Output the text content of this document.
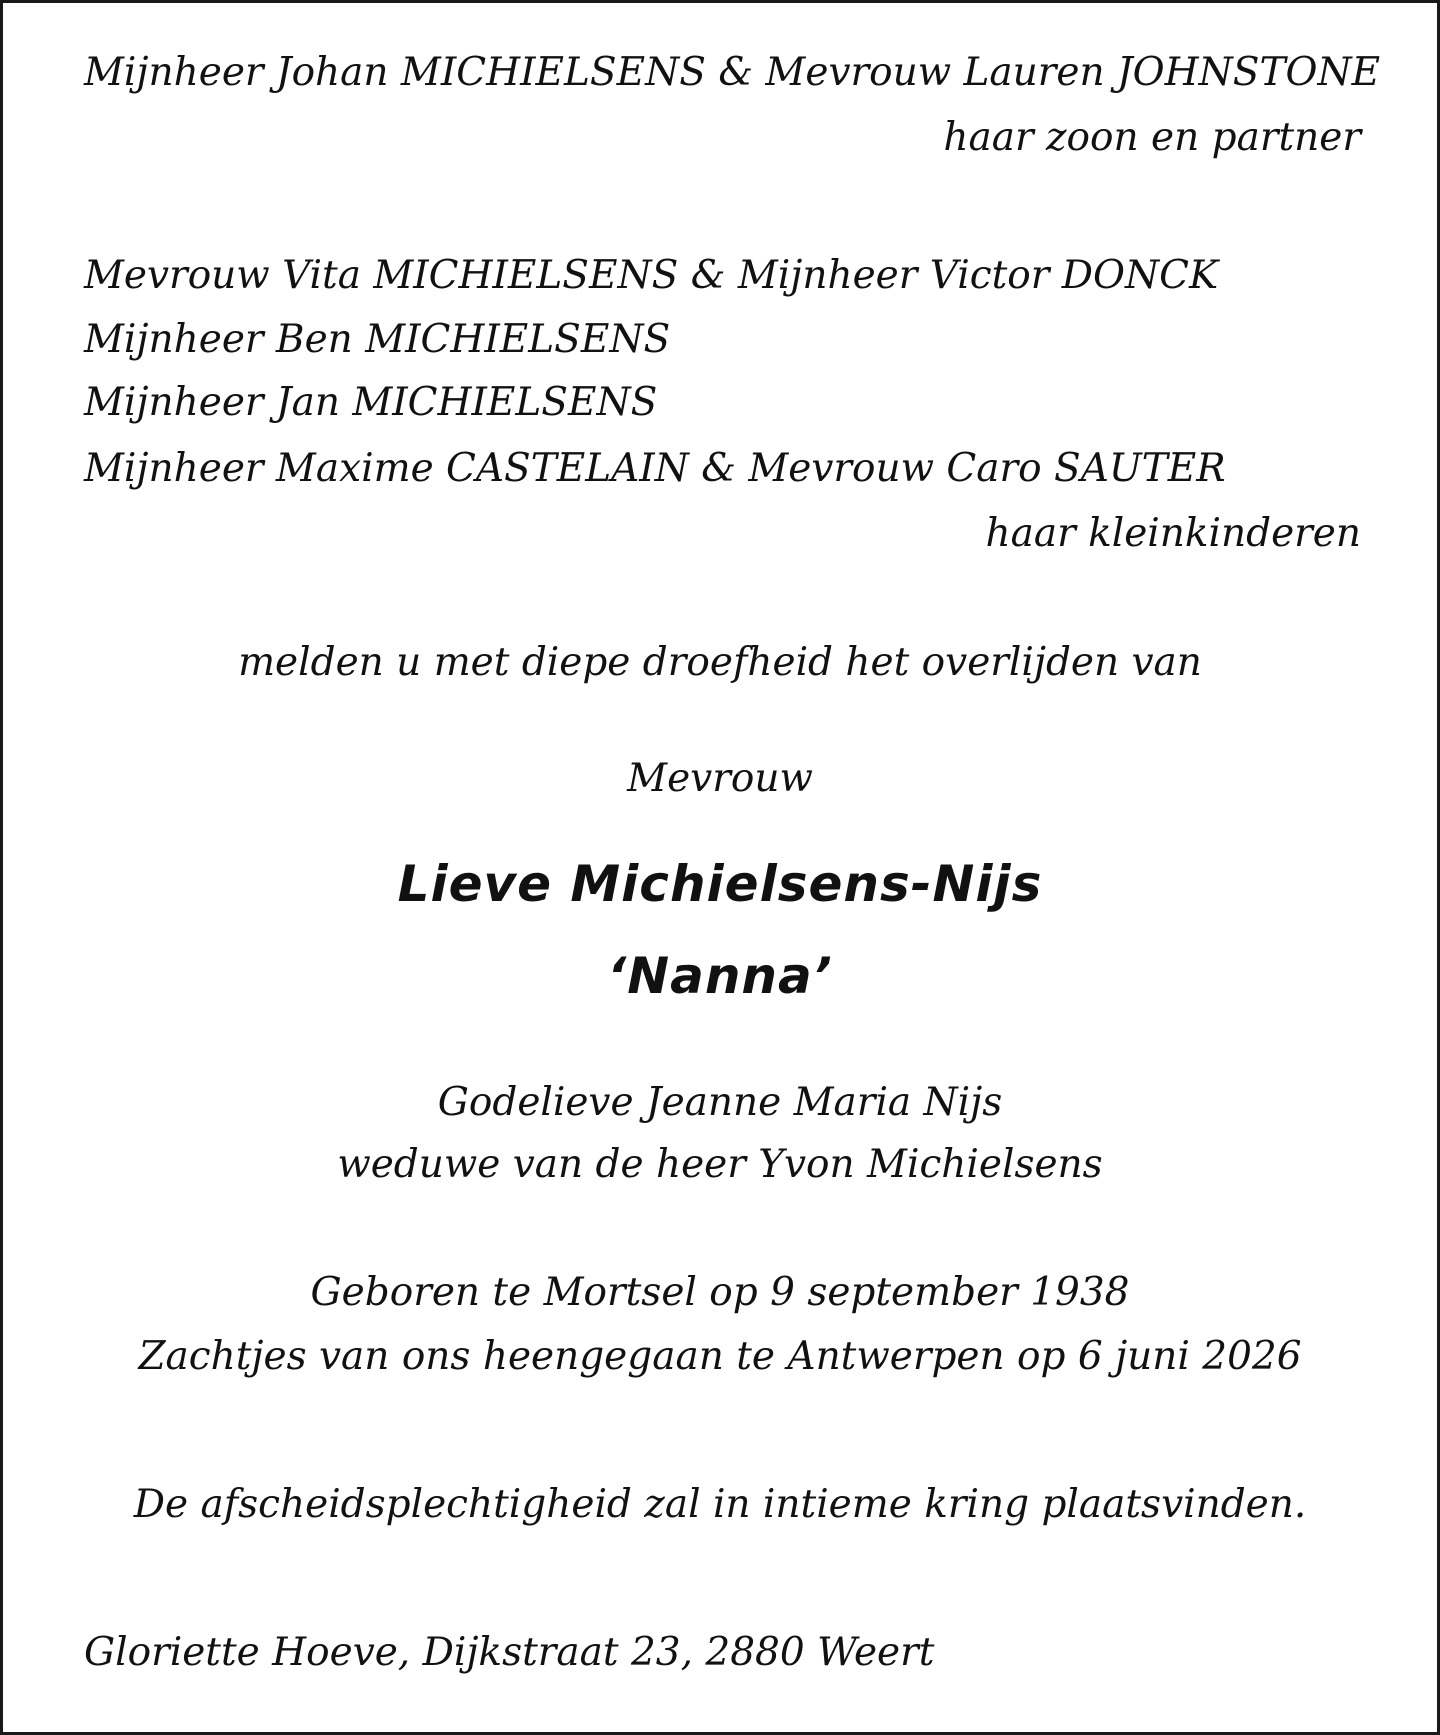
Mijnheer Johan MICHIELSENS & Mevrouw Lauren JOHNSTONE
haar zoon en partner
Mevrouw Vita MICHIELSENS & Mijnheer Victor DONCK
Mijnheer Ben MICHIELSENS
Mijnheer Jan MICHIELSENS
Mijnheer Maxime CASTELAIN & Mevrouw Caro SAUTER
haar kleinkinderen
melden u met diepe droefheid het overlijden van
Mevrouw
Lieve Michielsens-Nijs
‘Nanna’
Godelieve Jeanne Maria Nijs
weduwe van de heer Yvon Michielsens
Geboren te Mortsel op 9 september 1938
Zachtjes van ons heengegaan te Antwerpen op 6 juni 2026
De afscheidsplechtigheid zal in intieme kring plaatsvinden.
Gloriette Hoeve, Dijkstraat 23, 2880 Weert
